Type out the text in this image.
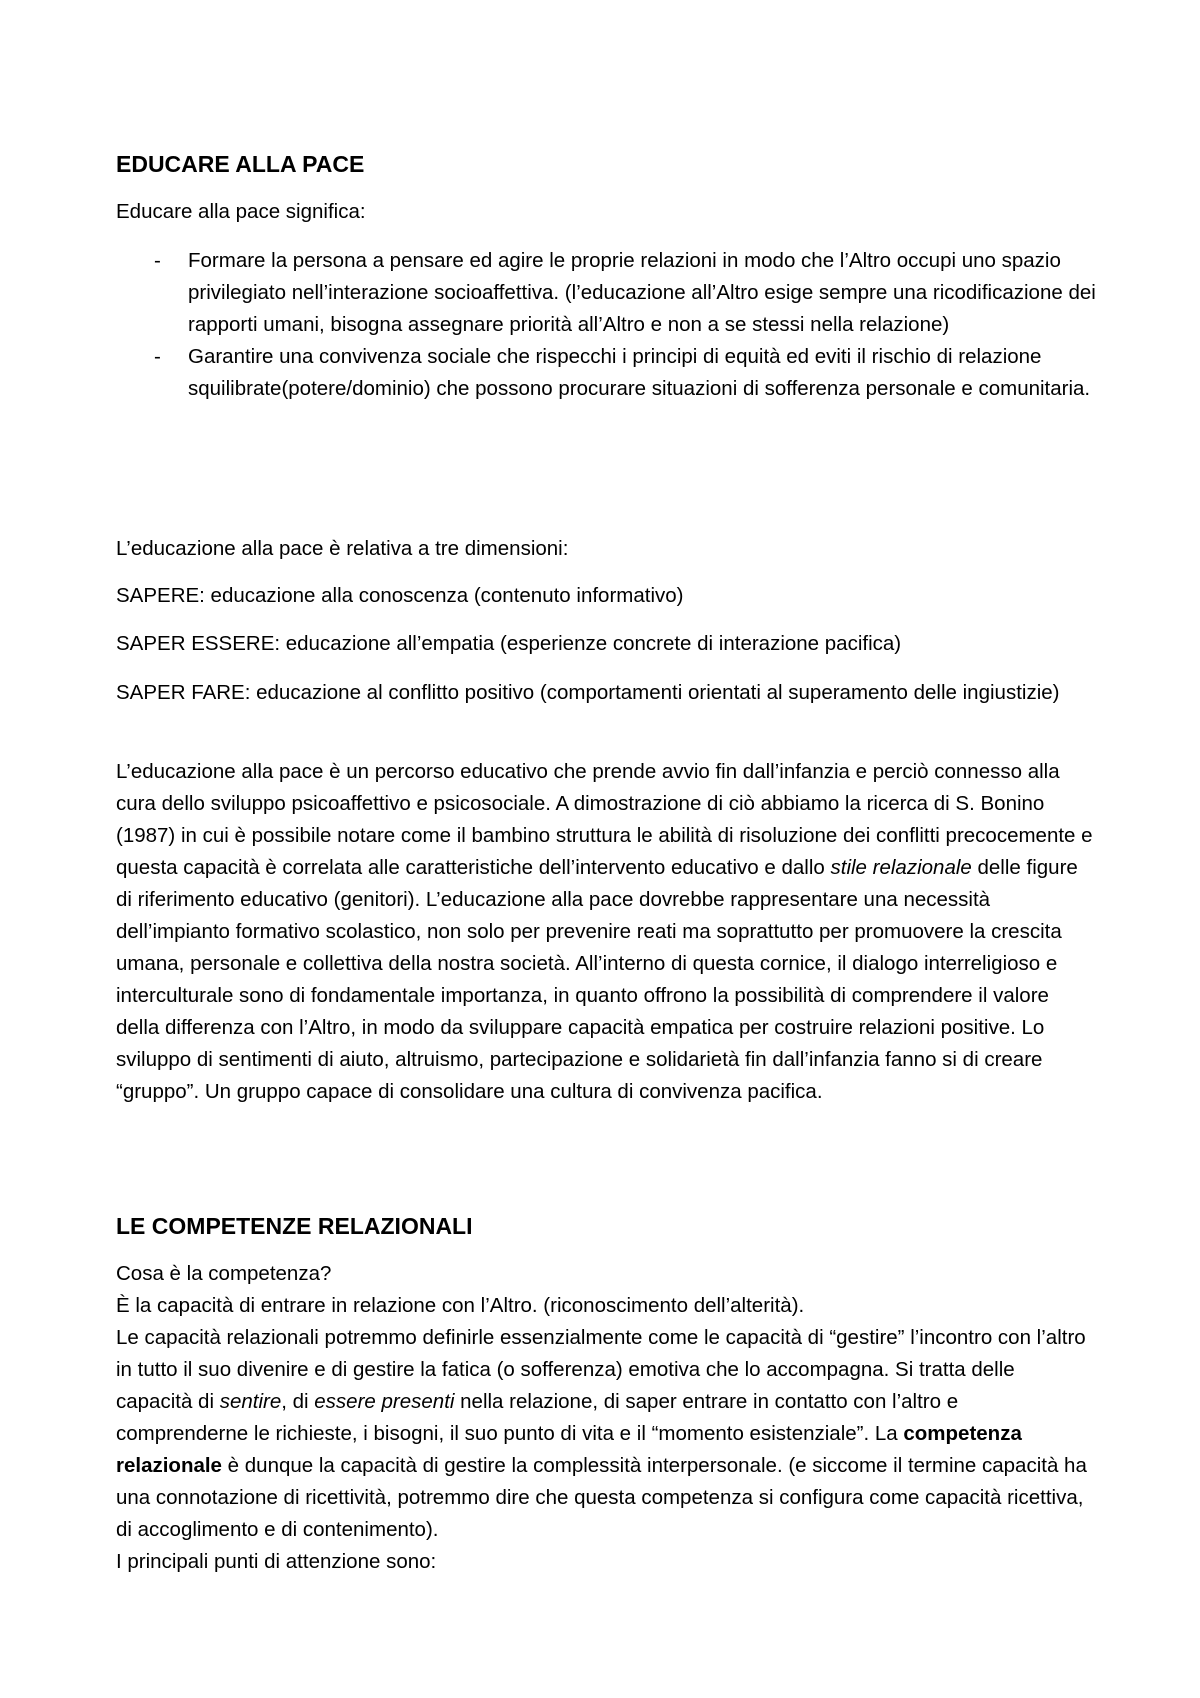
EDUCARE ALLA PACE

Educare alla pace significa:

- Formare la persona a pensare ed agire le proprie relazioni in modo che l’Altro occupi uno spazio privilegiato nell’interazione socioaffettiva. (l’educazione all’Altro esige sempre una ricodificazione dei rapporti umani, bisogna assegnare priorità all’Altro e non a se stessi nella relazione)
- Garantire una convivenza sociale che rispecchi i principi di equità ed eviti il rischio di relazione squilibrate(potere/dominio) che possono procurare situazioni di sofferenza personale e comunitaria.

L’educazione alla pace è relativa a tre dimensioni:

SAPERE: educazione alla conoscenza (contenuto informativo)

SAPER ESSERE: educazione all’empatia (esperienze concrete di interazione pacifica)

SAPER FARE: educazione al conflitto positivo (comportamenti orientati al superamento delle ingiustizie)

L’educazione alla pace è un percorso educativo che prende avvio fin dall’infanzia e perciò connesso alla cura dello sviluppo psicoaffettivo e psicosociale. A dimostrazione di ciò abbiamo la ricerca di S. Bonino (1987) in cui è possibile notare come il bambino struttura le abilità di risoluzione dei conflitti precocemente e questa capacità è correlata alle caratteristiche dell’intervento educativo e dallo stile relazionale delle figure di riferimento educativo (genitori). L’educazione alla pace dovrebbe rappresentare una necessità dell’impianto formativo scolastico, non solo per prevenire reati ma soprattutto per promuovere la crescita umana, personale e collettiva della nostra società. All’interno di questa cornice, il dialogo interreligioso e interculturale sono di fondamentale importanza, in quanto offrono la possibilità di comprendere il valore della differenza con l’Altro, in modo da sviluppare capacità empatica per costruire relazioni positive. Lo sviluppo di sentimenti di aiuto, altruismo, partecipazione e solidarietà fin dall’infanzia fanno si di creare “gruppo”. Un gruppo capace di consolidare una cultura di convivenza pacifica.

LE COMPETENZE RELAZIONALI

Cosa è la competenza?

È la capacità di entrare in relazione con l’Altro. (riconoscimento dell’alterità).

Le capacità relazionali potremmo definirle essenzialmente come le capacità di “gestire” l’incontro con l’altro in tutto il suo divenire e di gestire la fatica (o sofferenza) emotiva che lo accompagna. Si tratta delle capacità di sentire, di essere presenti nella relazione, di saper entrare in contatto con l’altro e comprenderne le richieste, i bisogni, il suo punto di vita e il “momento esistenziale”. La competenza relazionale è dunque la capacità di gestire la complessità interpersonale. (e siccome il termine capacità ha una connotazione di ricettività, potremmo dire che questa competenza si configura come capacità ricettiva, di accoglimento e di contenimento).

I principali punti di attenzione sono:
